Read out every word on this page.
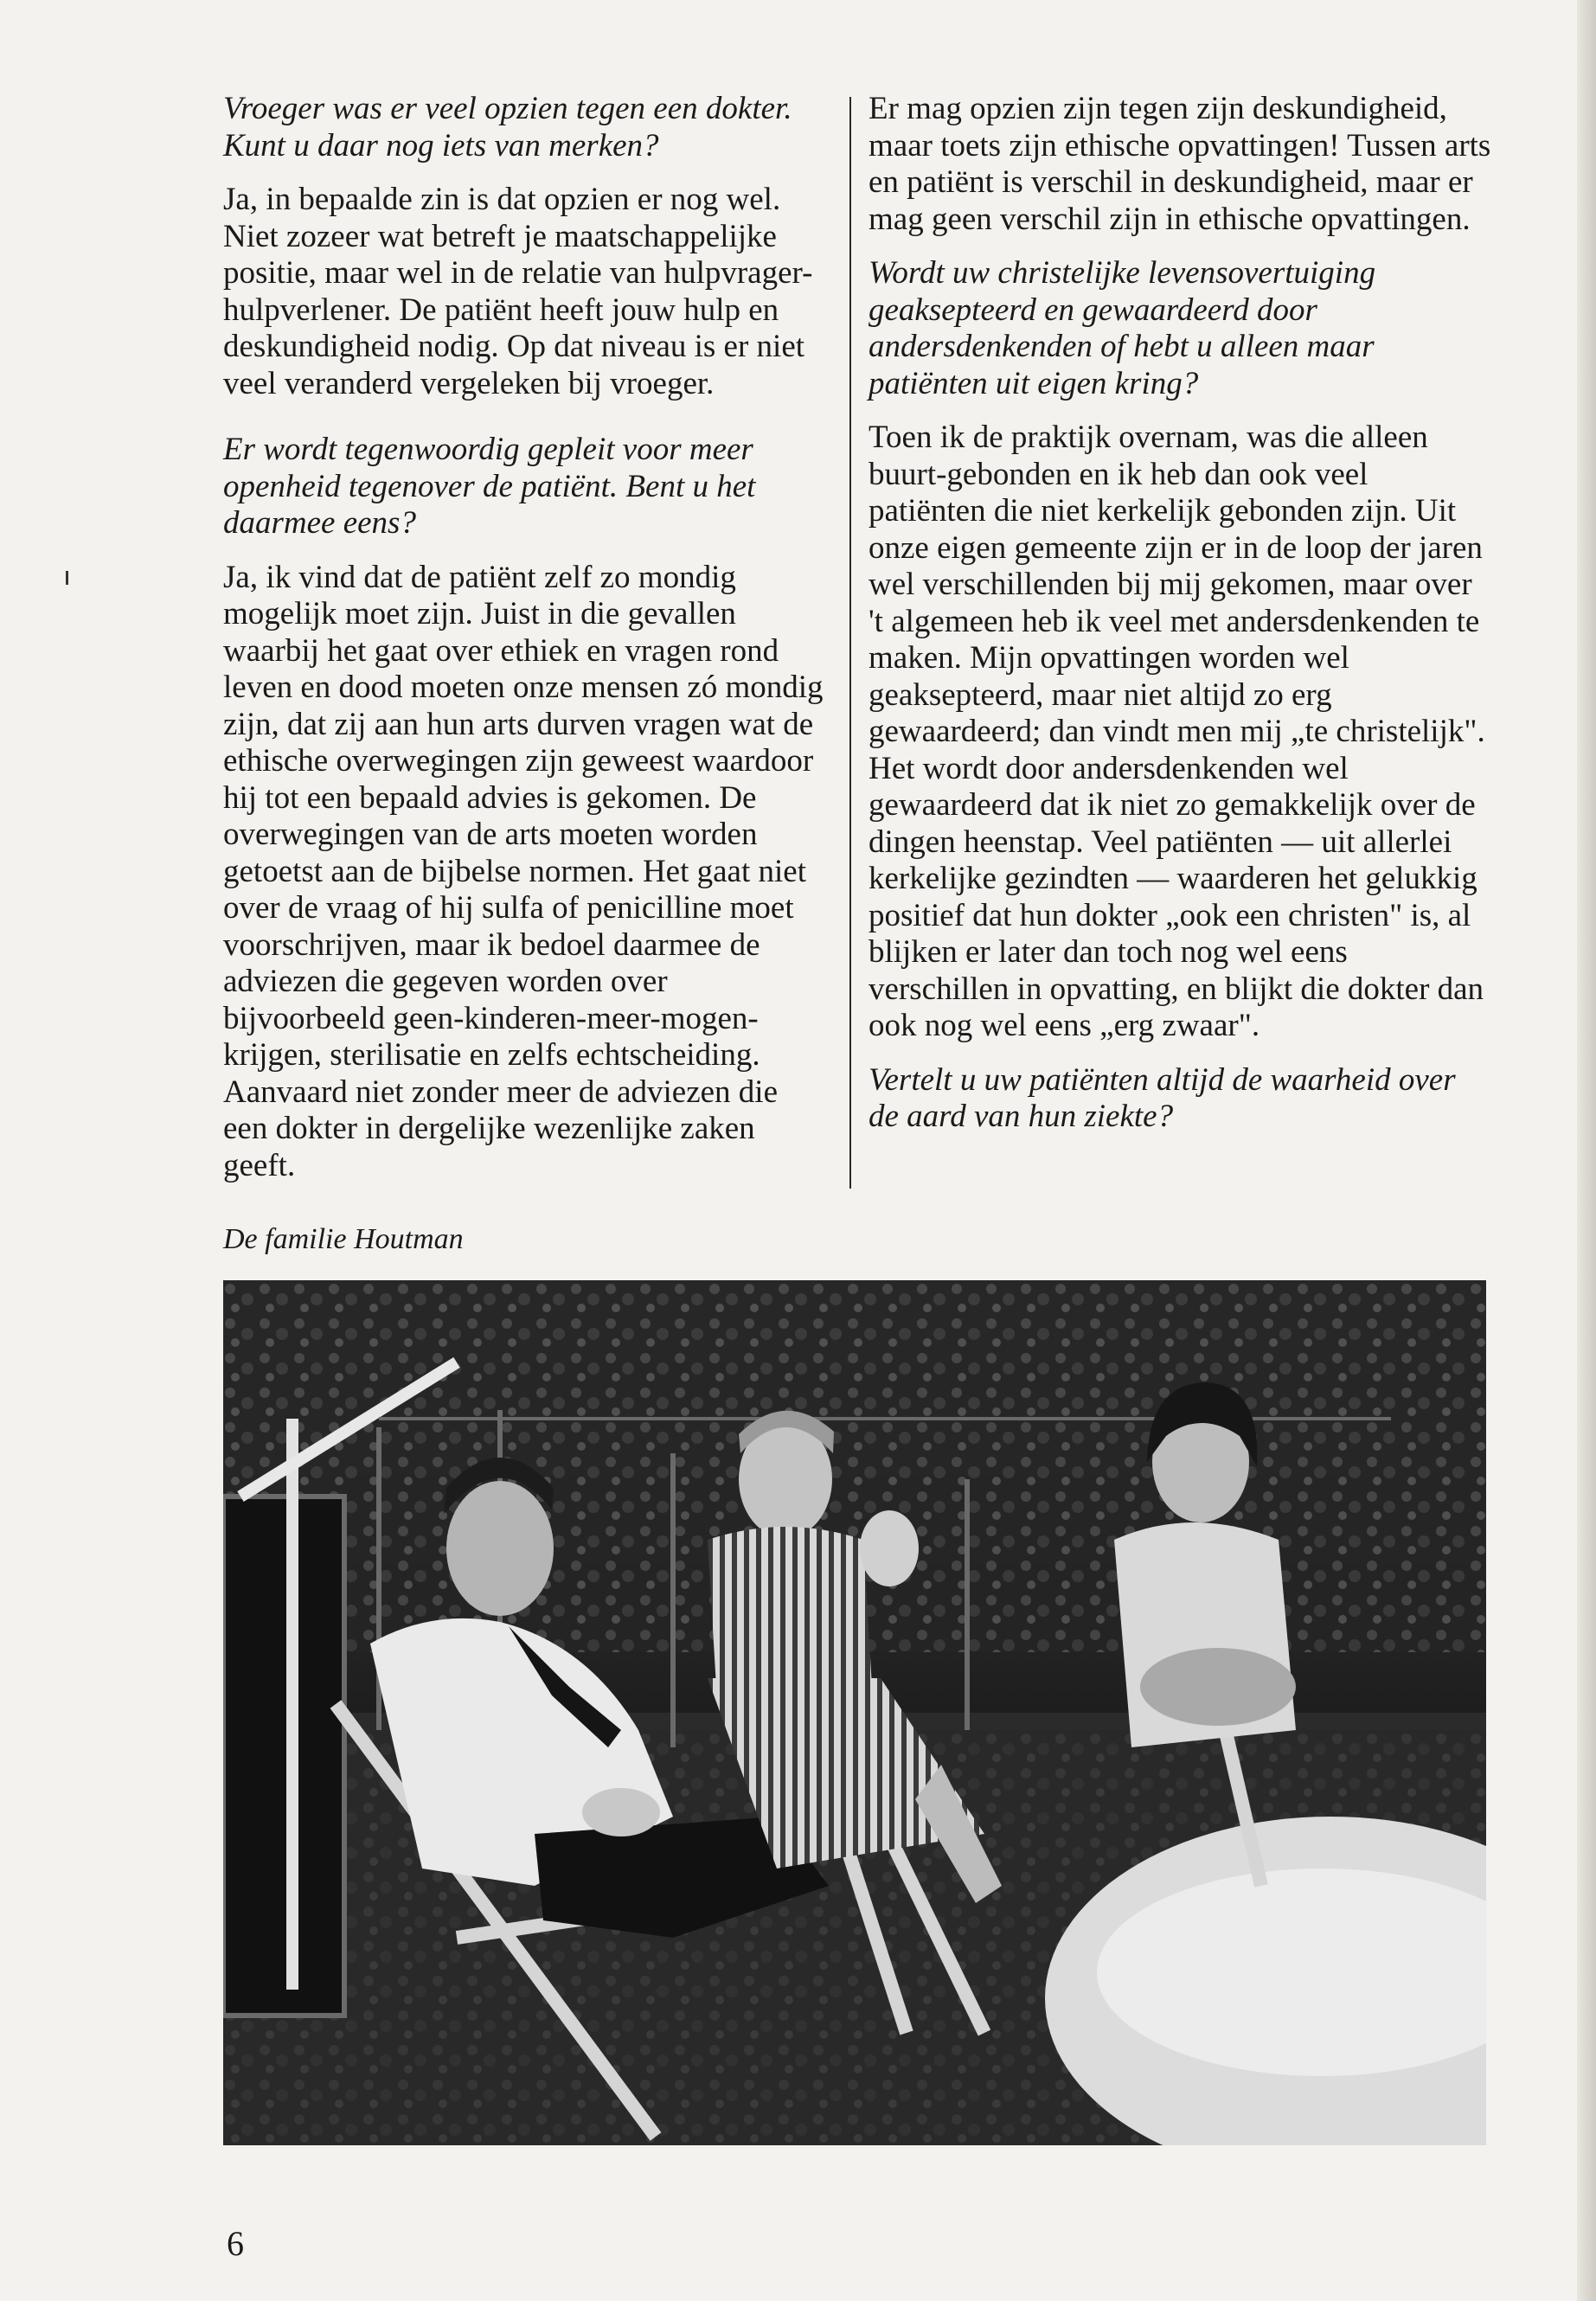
Vroeger was er veel opzien tegen een dokter. Kunt u daar nog iets van merken?

Ja, in bepaalde zin is dat opzien er nog wel. Niet zozeer wat betreft je maatschappelijke positie, maar wel in de relatie van hulpvrager-hulpverlener. De patiënt heeft jouw hulp en deskundigheid nodig. Op dat niveau is er niet veel veranderd vergeleken bij vroeger.

Er wordt tegenwoordig gepleit voor meer openheid tegenover de patiënt. Bent u het daarmee eens?

Ja, ik vind dat de patiënt zelf zo mondig mogelijk moet zijn. Juist in die gevallen waarbij het gaat over ethiek en vragen rond leven en dood moeten onze mensen zó mondig zijn, dat zij aan hun arts durven vragen wat de ethische overwegingen zijn geweest waardoor hij tot een bepaald advies is gekomen. De overwegingen van de arts moeten worden getoetst aan de bijbelse normen. Het gaat niet over de vraag of hij sulfa of penicilline moet voorschrijven, maar ik bedoel daarmee de adviezen die gegeven worden over bijvoorbeeld geen-kinderen-meer-mogen-krijgen, sterilisatie en zelfs echtscheiding. Aanvaard niet zonder meer de adviezen die een dokter in dergelijke wezenlijke zaken geeft.

Er mag opzien zijn tegen zijn deskundigheid, maar toets zijn ethische opvattingen! Tussen arts en patiënt is verschil in deskundigheid, maar er mag geen verschil zijn in ethische opvattingen.

Wordt uw christelijke levensovertuiging geaksepteerd en gewaardeerd door andersdenkenden of hebt u alleen maar patiënten uit eigen kring?

Toen ik de praktijk overnam, was die alleen buurt-gebonden en ik heb dan ook veel patiënten die niet kerkelijk gebonden zijn. Uit onze eigen gemeente zijn er in de loop der jaren wel verschillenden bij mij gekomen, maar over 't algemeen heb ik veel met andersdenkenden te maken. Mijn opvattingen worden wel geaksepteerd, maar niet altijd zo erg gewaardeerd; dan vindt men mij „te christelijk". Het wordt door andersdenkenden wel gewaardeerd dat ik niet zo gemakkelijk over de dingen heenstap. Veel patiënten — uit allerlei kerkelijke gezindten — waarderen het gelukkig positief dat hun dokter „ook een christen" is, al blijken er later dan toch nog wel eens verschillen in opvatting, en blijkt die dokter dan ook nog wel eens „erg zwaar".

Vertelt u uw patiënten altijd de waarheid over de aard van hun ziekte?

De familie Houtman
6
